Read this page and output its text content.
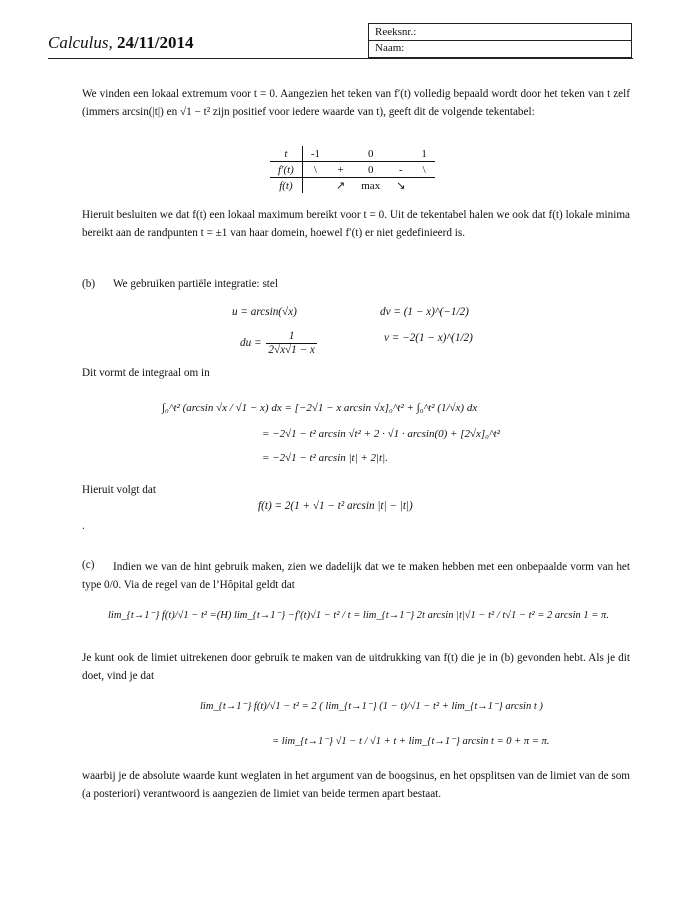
Calculus, 24/11/2014
Reeksnr.:
Naam:
We vinden een lokaal extremum voor t = 0. Aangezien het teken van f′(t) volledig bepaald wordt door het teken van t zelf (immers arcsin(|t|) en √1 − t² zijn positief voor iedere waarde van t), geeft dit de volgende tekentabel:
t	-1		0		1
f′(t)	\	+	0	-	\
f(t)		↗	max	↘	
Hieruit besluiten we dat f(t) een lokaal maximum bereikt voor t = 0. Uit de tekentabel halen we ook dat f(t) lokale minima bereikt aan de randpunten t = ±1 van haar domein, hoewel f′(t) er niet gedefinieerd is.
(b) We gebruiken partiële integratie: stel
u = arcsin(√x)	dv = (1 − x)^(−1/2)
du = $\frac{1}{2√x√1 - x}$	v = −2(1 − x)^(1/2)
Dit vormt de integraal om in
∫₀^t² (arcsin √x / √1 − x) dx = [−2√1 − x arcsin √x]₀^t² + ∫₀^t² (1/√x) dx
= −2√1 − t² arcsin √t² + 2 · √1 · arcsin(0) + [2√x]₀^t²
= −2√1 − t² arcsin |t| + 2|t|.
Hieruit volgt dat
f(t) = 2(1 + √1 − t² arcsin |t| − |t|)
.
(c)	Indien we van de hint gebruik maken, zien we dadelijk dat we te maken hebben met een onbepaalde vorm van het type 0/0. Via de regel van de l’Hôpital geldt dat
lim_{t→1⁻} f(t)/√1 − t² =(H) lim_{t→1⁻} −f′(t)√1 − t² / t = lim_{t→1⁻} 2t arcsin |t|√1 − t² / t√1 − t² = 2 arcsin 1 = π.
Je kunt ook de limiet uitrekenen door gebruik te maken van de uitdrukking van f(t) die je in (b) gevonden hebt. Als je dit doet, vind je dat
lim_{t→1⁻} f(t)/√1 − t² = 2 ( lim_{t→1⁻} (1 − t)/√1 − t² + lim_{t→1⁻} arcsin t )
= lim_{t→1⁻} √1 − t / √1 + t + lim_{t→1⁻} arcsin t = 0 + π = π.
waarbij je de absolute waarde kunt weglaten in het argument van de boogsinus, en het opsplitsen van de limiet van de som (a posteriori) verantwoord is aangezien de limiet van beide termen apart bestaat.
